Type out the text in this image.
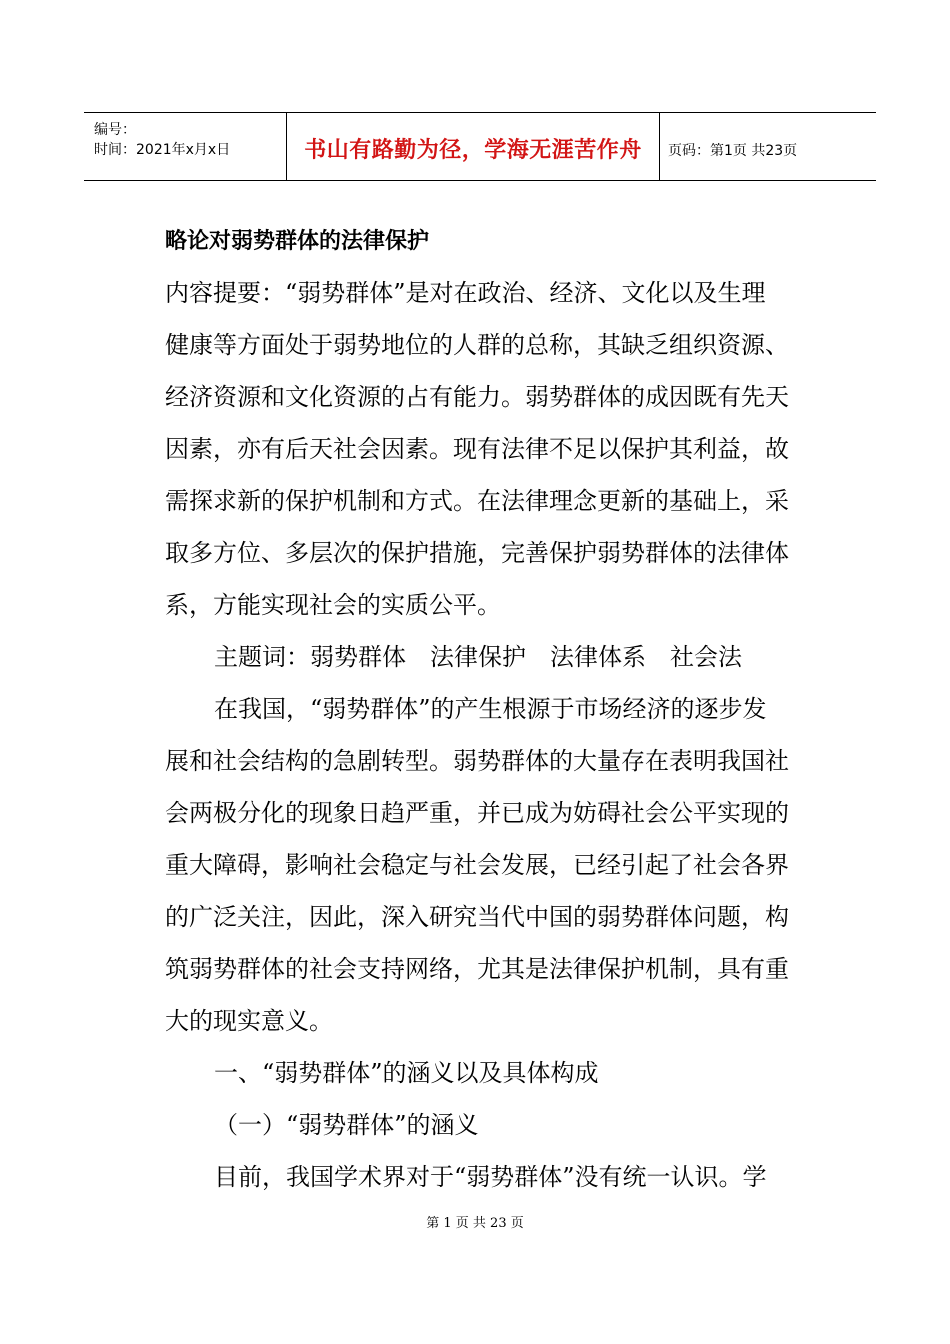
编号：
时间：2021年x月x日	书山有路勤为径，学海无涯苦作舟	页码：第1页 共23页
略论对弱势群体的法律保护
内容提要：“弱势群体”是对在政治、经济、文化以及生理
健康等方面处于弱势地位的人群的总称，其缺乏组织资源、
经济资源和文化资源的占有能力。弱势群体的成因既有先天
因素，亦有后天社会因素。现有法律不足以保护其利益，故
需探求新的保护机制和方式。在法律理念更新的基础上，采
取多方位、多层次的保护措施，完善保护弱势群体的法律体
系，方能实现社会的实质公平。
主题词：弱势群体　法律保护　法律体系　社会法
在我国，“弱势群体”的产生根源于市场经济的逐步发
展和社会结构的急剧转型。弱势群体的大量存在表明我国社
会两极分化的现象日趋严重，并已成为妨碍社会公平实现的
重大障碍，影响社会稳定与社会发展，已经引起了社会各界
的广泛关注，因此，深入研究当代中国的弱势群体问题，构
筑弱势群体的社会支持网络，尤其是法律保护机制，具有重
大的现实意义。
一、“弱势群体”的涵义以及具体构成
（一）“弱势群体”的涵义
目前，我国学术界对于“弱势群体”没有统一认识。学
第 1 页 共 23 页
